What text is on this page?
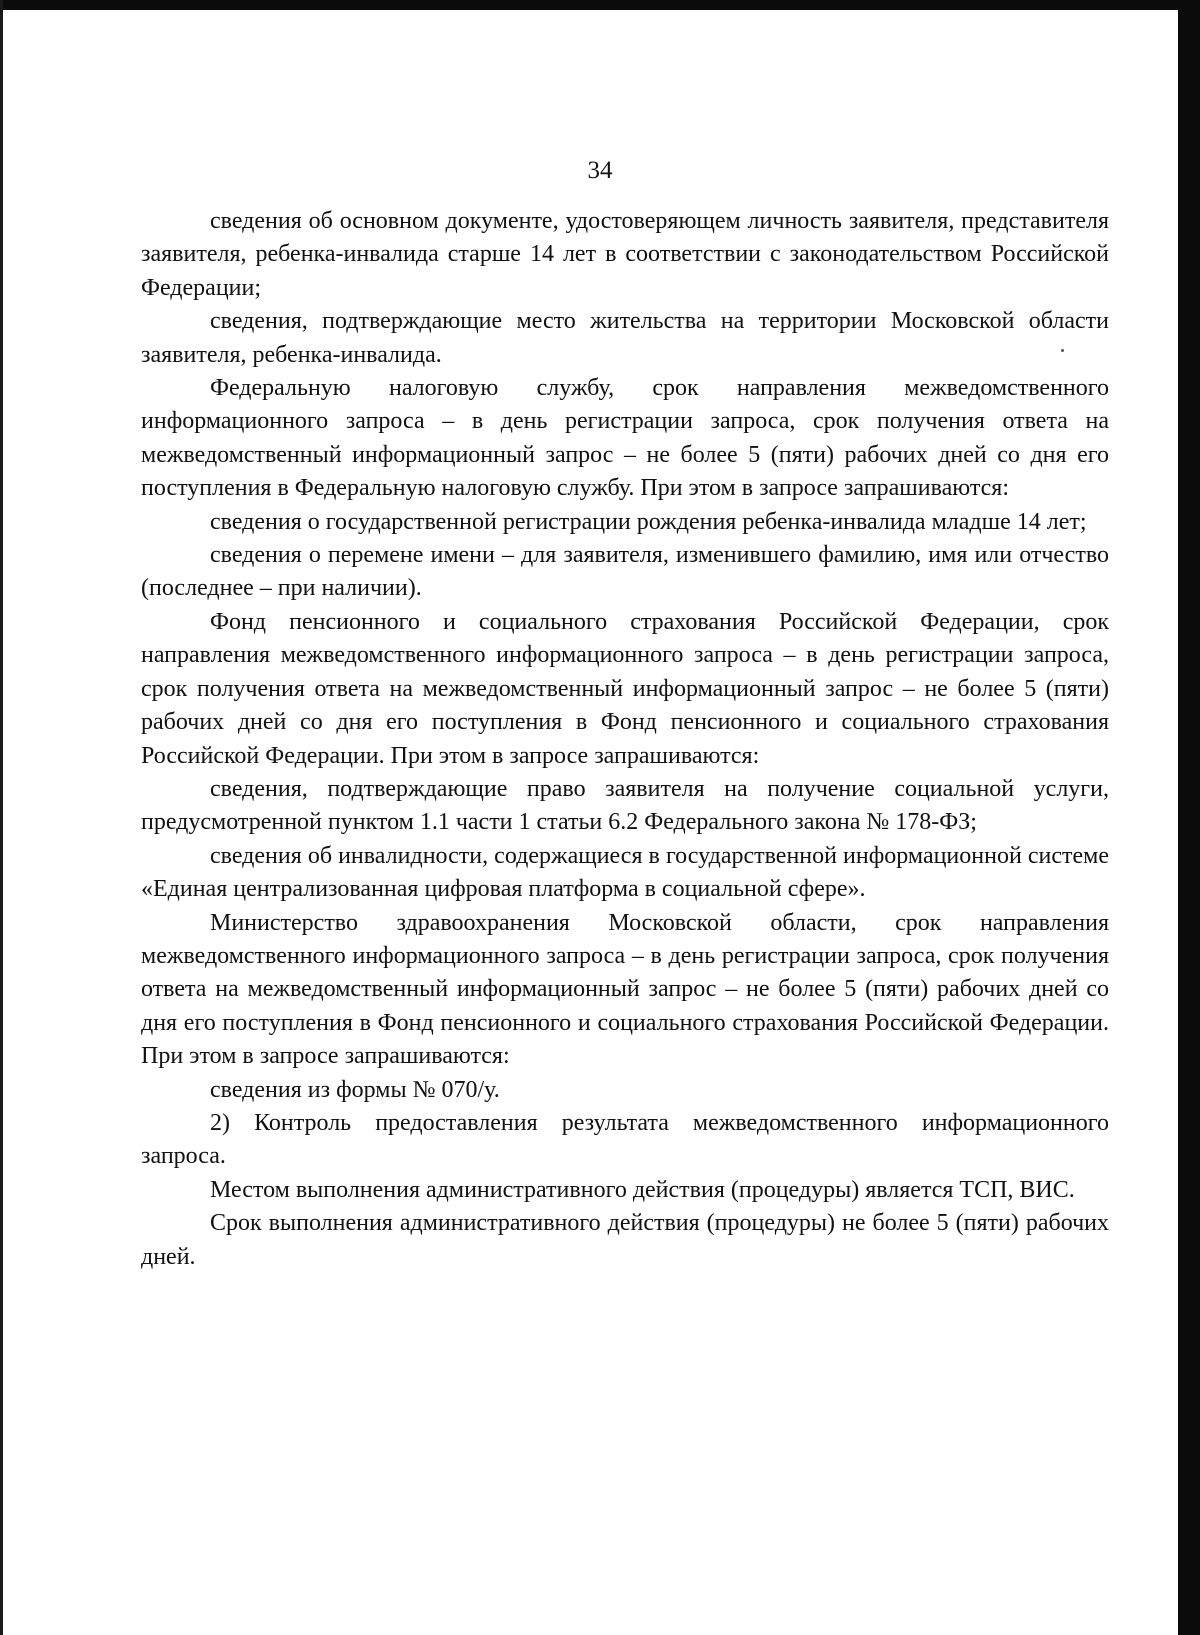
34

сведения об основном документе, удостоверяющем личность заявителя, представителя заявителя, ребенка-инвалида старше 14 лет в соответствии с законодательством Российской Федерации;

сведения, подтверждающие место жительства на территории Московской области заявителя, ребенка-инвалида.

Федеральную налоговую службу, срок направления межведомственного информационного запроса – в день регистрации запроса, срок получения ответа на межведомственный информационный запрос – не более 5 (пяти) рабочих дней со дня его поступления в Федеральную налоговую службу. При этом в запросе запрашиваются:

сведения о государственной регистрации рождения ребенка-инвалида младше 14 лет;

сведения о перемене имени – для заявителя, изменившего фамилию, имя или отчество (последнее – при наличии).

Фонд пенсионного и социального страхования Российской Федерации, срок направления межведомственного информационного запроса – в день регистрации запроса, срок получения ответа на межведомственный информационный запрос – не более 5 (пяти) рабочих дней со дня его поступления в Фонд пенсионного и социального страхования Российской Федерации. При этом в запросе запрашиваются:

сведения, подтверждающие право заявителя на получение социальной услуги, предусмотренной пунктом 1.1 части 1 статьи 6.2 Федерального закона № 178-ФЗ;

сведения об инвалидности, содержащиеся в государственной информационной системе «Единая централизованная цифровая платформа в социальной сфере».

Министерство здравоохранения Московской области, срок направления межведомственного информационного запроса – в день регистрации запроса, срок получения ответа на межведомственный информационный запрос – не более 5 (пяти) рабочих дней со дня его поступления в Фонд пенсионного и социального страхования Российской Федерации. При этом в запросе запрашиваются:

сведения из формы № 070/у.

2) Контроль предоставления результата межведомственного информационного запроса.

Местом выполнения административного действия (процедуры) является ТСП, ВИС.

Срок выполнения административного действия (процедуры) не более 5 (пяти) рабочих дней.
